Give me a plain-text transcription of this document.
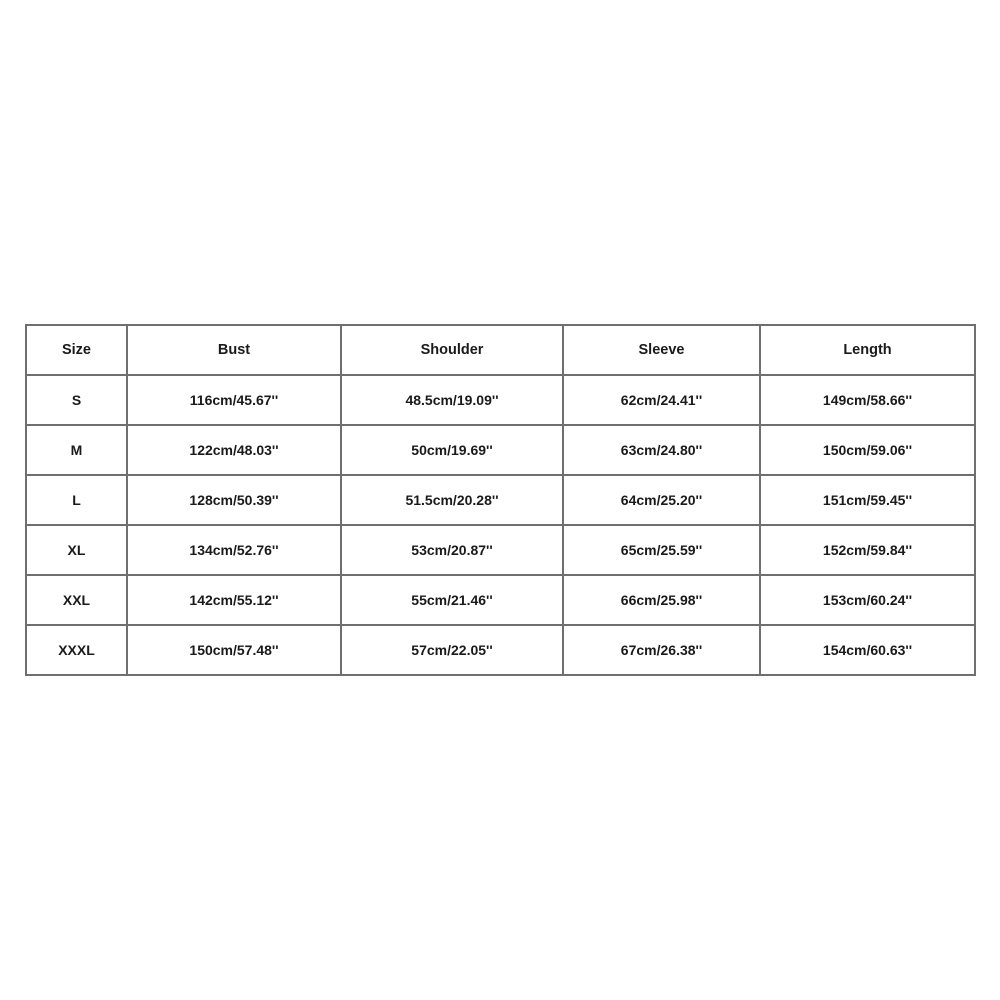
Size	Bust	Shoulder	Sleeve	Length
S	116cm/45.67''	48.5cm/19.09''	62cm/24.41''	149cm/58.66''
M	122cm/48.03''	50cm/19.69''	63cm/24.80''	150cm/59.06''
L	128cm/50.39''	51.5cm/20.28''	64cm/25.20''	151cm/59.45''
XL	134cm/52.76''	53cm/20.87''	65cm/25.59''	152cm/59.84''
XXL	142cm/55.12''	55cm/21.46''	66cm/25.98''	153cm/60.24''
XXXL	150cm/57.48''	57cm/22.05''	67cm/26.38''	154cm/60.63''
